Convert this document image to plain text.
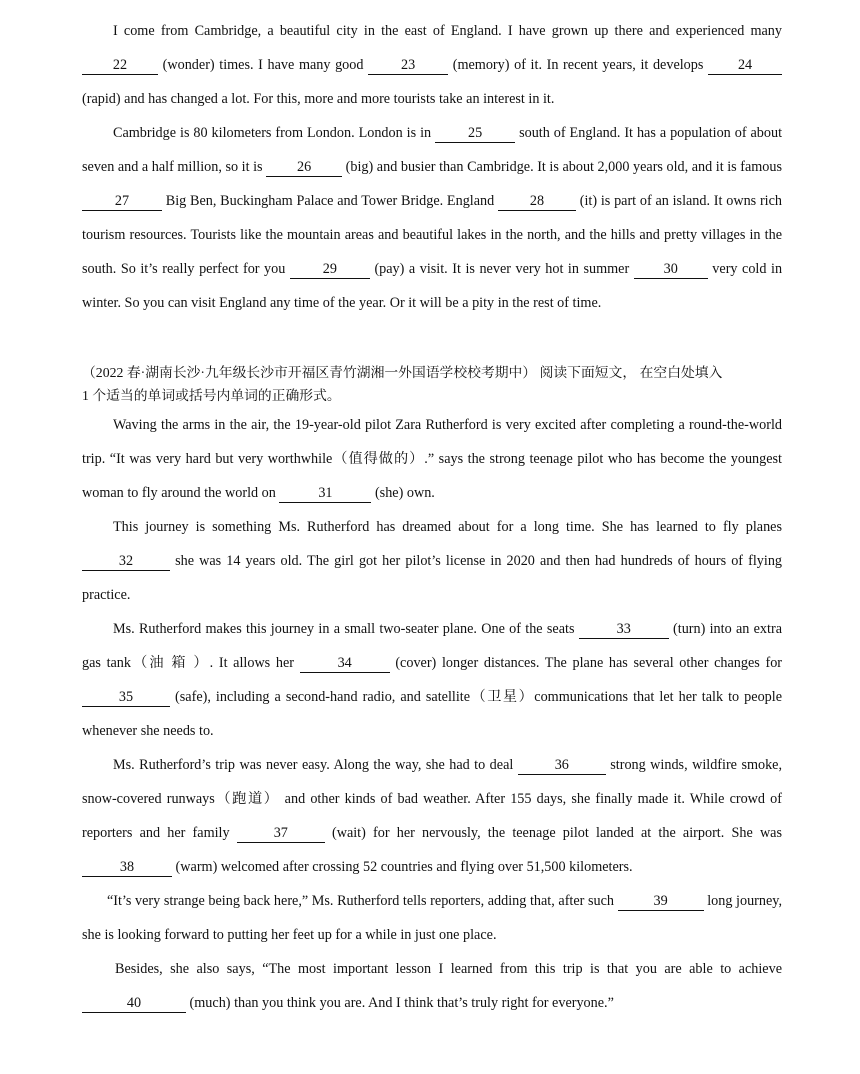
I come from Cambridge, a beautiful city in the east of England. I have grown up there and experienced many 22	(wonder) times. I have many good	23	(memory) of it. In recent years, it develops 24 (rapid) and has changed a lot. For this, more and more tourists take an interest in it.

Cambridge is 80 kilometers from London. London is in	25	south of England. It has a population of about seven and a half million, so it is 26 (big) and busier than Cambridge. It is about 2,000 years old, and it is famous 27	Big Ben, Buckingham Palace and Tower Bridge. England	28	(it) is part of an island. It owns rich tourism resources. Tourists like the mountain areas and beautiful lakes in the north, and the hills and pretty villages in the south. So it’s really perfect for you	29	(pay) a visit. It is never very hot in summer 30 very cold in winter. So you can visit England any time of the year. Or it will be a pity in the rest of time.

（2022 春·湖南长沙·九年级长沙市开福区青竹湖湘一外国语学校校考期中） 阅读下面短文， 在空白处填入

1 个适当的单词或括号内单词的正确形式。

Waving the arms in the air, the 19-year-old pilot Zara Rutherford is very excited after completing a round-the-world trip. “It was very hard but very worthwhile（值得做的）.” says the strong teenage pilot who has become the youngest woman to fly around the world on	31	(she) own.

This journey is something Ms. Rutherford has dreamed about for a long time. She has learned to fly planes 32	she was 14 years old. The girl got her pilot’s license in 2020 and then had hundreds of hours of flying practice.

Ms. Rutherford makes this journey in a small two-seater plane. One of the seats	33	(turn) into an extra gas tank（油 箱 ）. It allows her	34	(cover) longer distances. The plane has several other changes for 35	(safe), including a second-hand radio, and satellite（卫星）communications that let her talk to people whenever she needs to.

Ms. Rutherford’s trip was never easy. Along the way, she had to deal	36	strong winds, wildfire smoke, snow-covered runways（跑道） and other kinds of bad weather. After 155 days, she finally made it. While crowd of reporters and her family	37	(wait) for her nervously, the teenage pilot landed at the airport. She was 38	(warm) welcomed after crossing 52 countries and flying over 51,500 kilometers.

“It’s very strange being back here,” Ms. Rutherford tells reporters, adding that, after such	39	long journey, she is looking forward to putting her feet up for a while in just one place.

Besides, she also says, “The most important lesson I learned from this trip is that you are able to achieve 40	(much) than you think you are. And I think that’s truly right for everyone.”
